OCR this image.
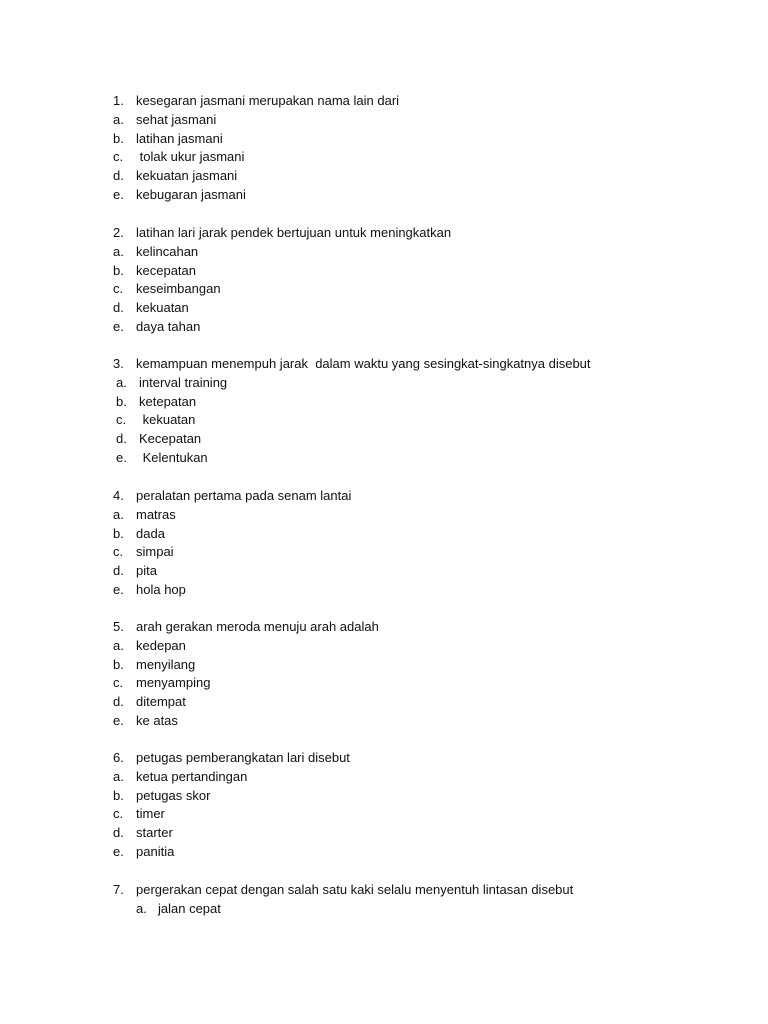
1. kesegaran jasmani merupakan nama lain dari
a. sehat jasmani
b. latihan jasmani
c. tolak ukur jasmani
d. kekuatan jasmani
e. kebugaran jasmani
2. latihan lari jarak pendek bertujuan untuk meningkatkan
a. kelincahan
b. kecepatan
c. keseimbangan
d. kekuatan
e. daya tahan
3. kemampuan menempuh jarak  dalam waktu yang sesingkat-singkatnya disebut
a. interval training
b. ketepatan
c. kekuatan
d. Kecepatan
e. Kelentukan
4. peralatan pertama pada senam lantai
a. matras
b. dada
c. simpai
d. pita
e. hola hop
5. arah gerakan meroda menuju arah adalah
a. kedepan
b. menyilang
c. menyamping
d. ditempat
e. ke atas
6. petugas pemberangkatan lari disebut
a. ketua pertandingan
b. petugas skor
c. timer
d. starter
e. panitia
7. pergerakan cepat dengan salah satu kaki selalu menyentuh lintasan disebut
a. jalan cepat
